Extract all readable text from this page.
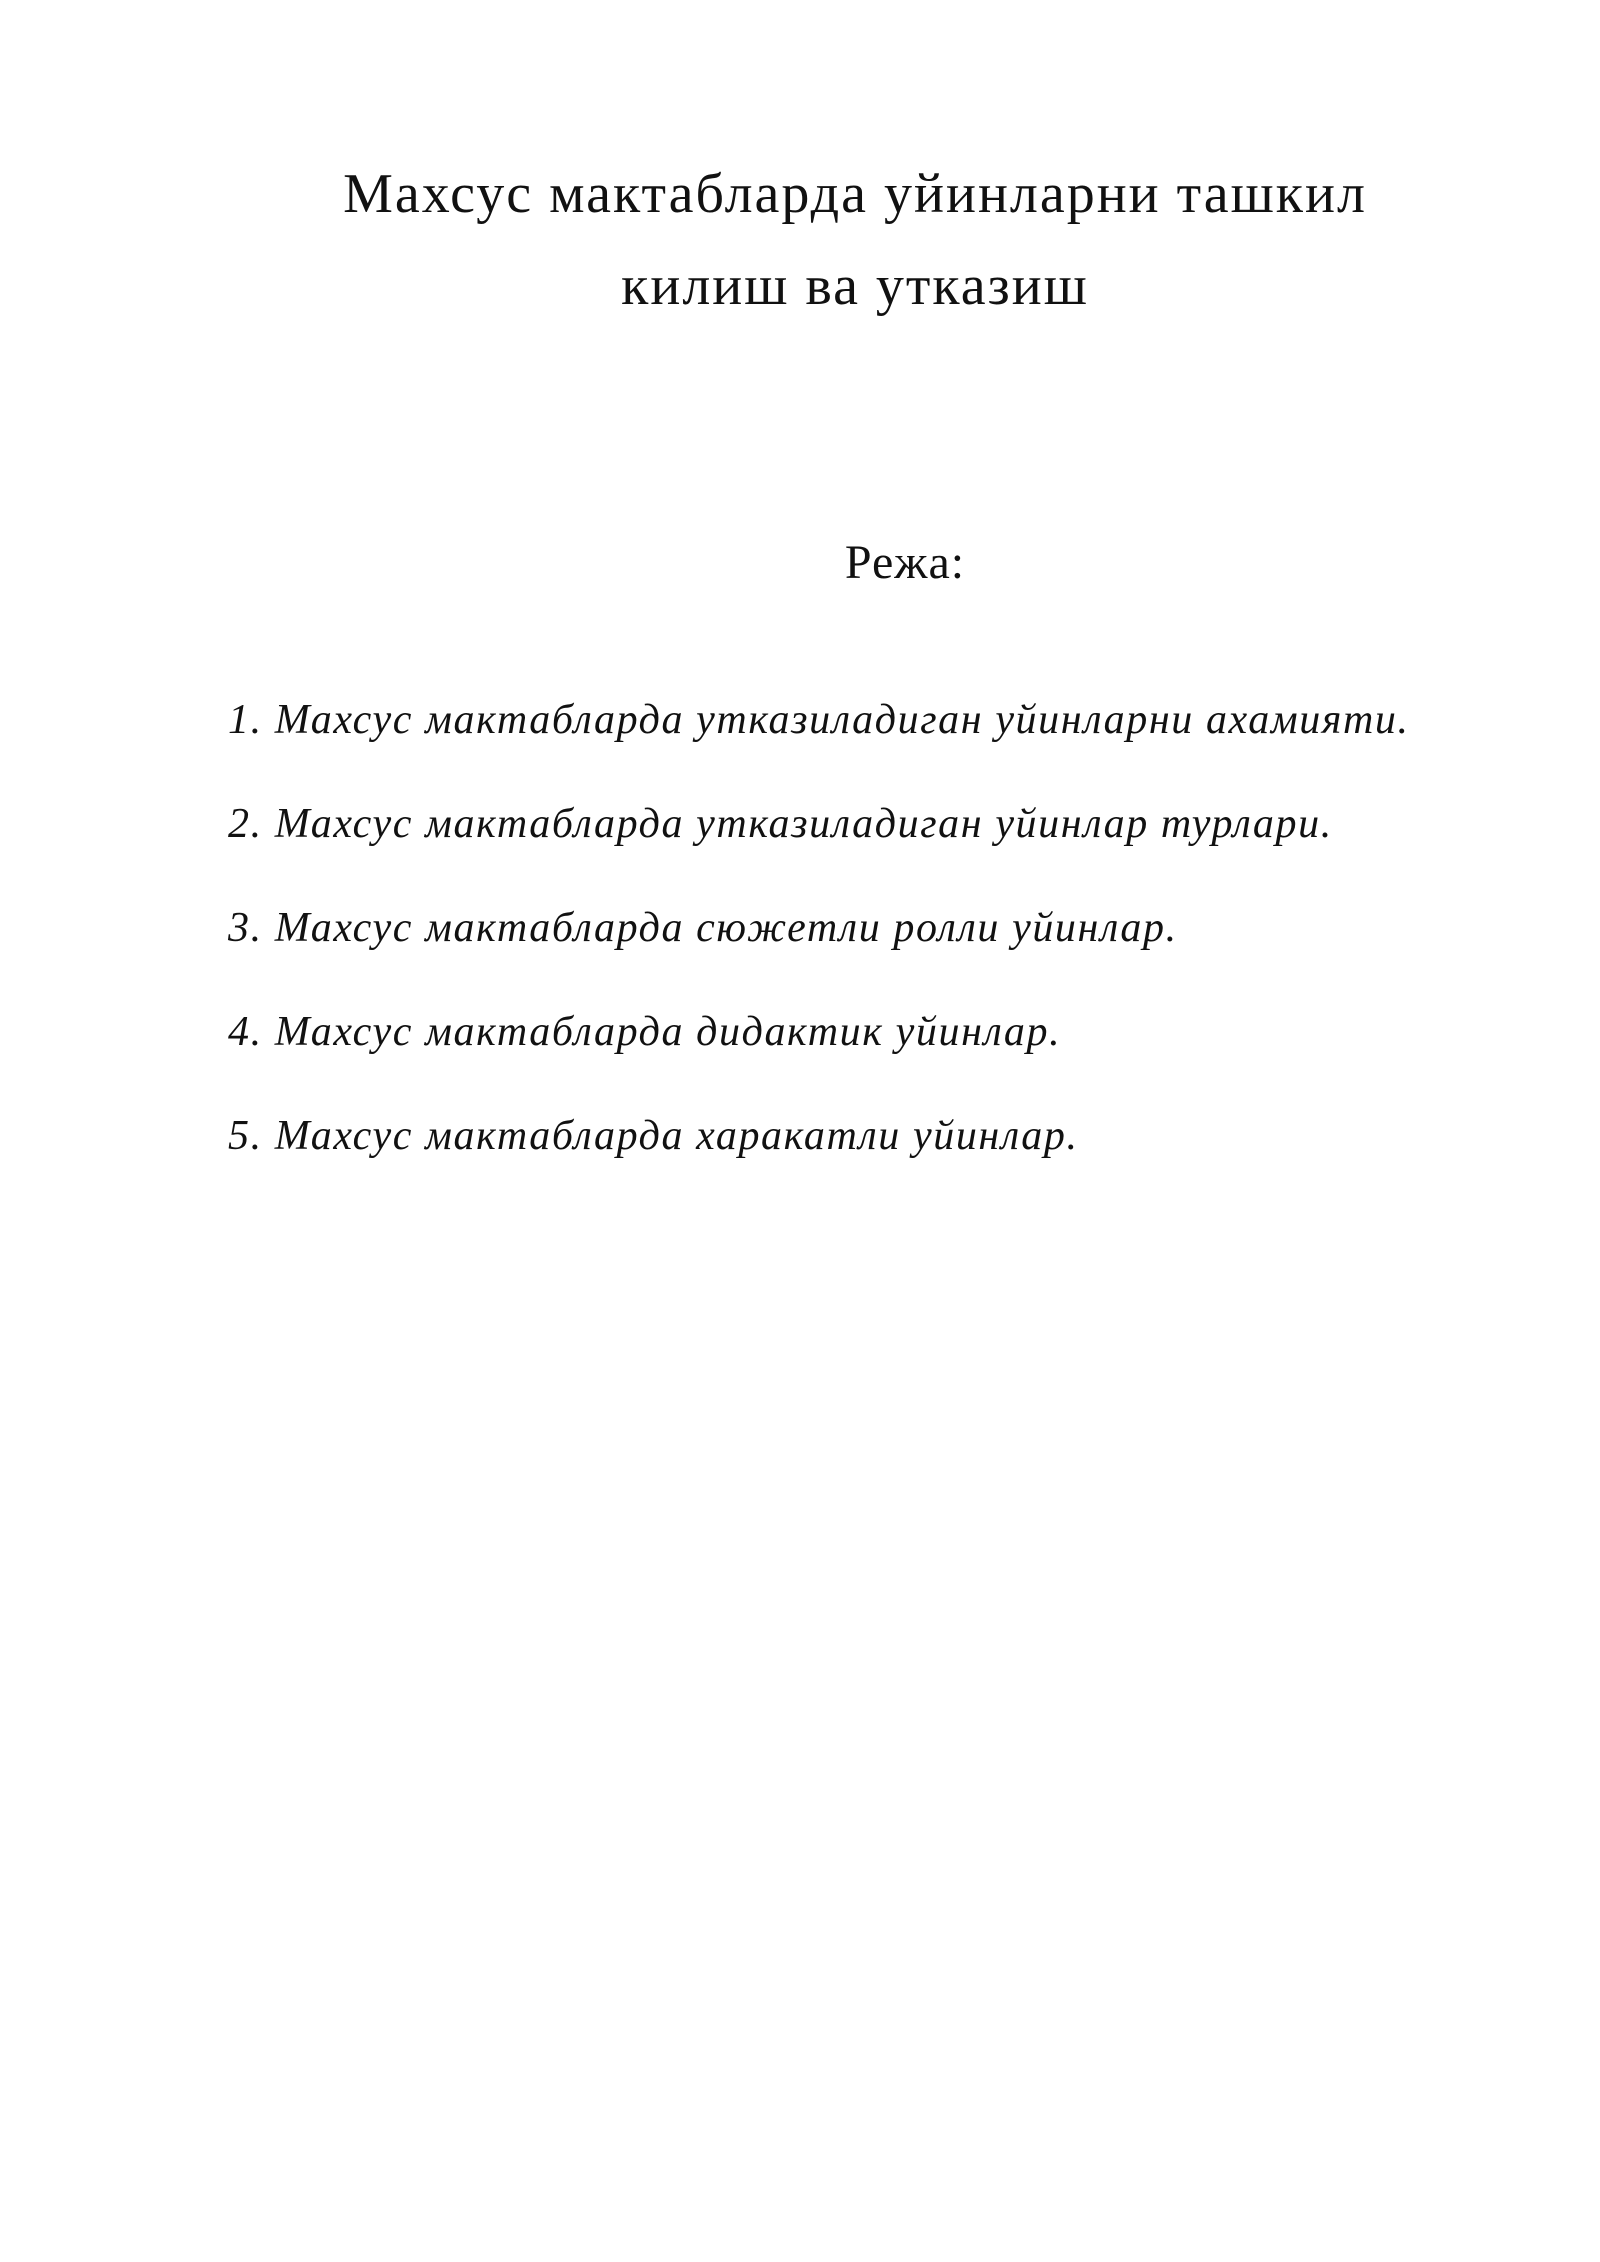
Махсус мактабларда уйинларни ташкил
килиш ва утказиш

Режа:

1. Махсус мактабларда утказиладиган уйинларни ахамияти.
2. Махсус мактабларда утказиладиган уйинлар турлари.
3. Махсус мактабларда сюжетли ролли уйинлар.
4. Махсус мактабларда дидактик уйинлар.
5. Махсус мактабларда харакатли уйинлар.
